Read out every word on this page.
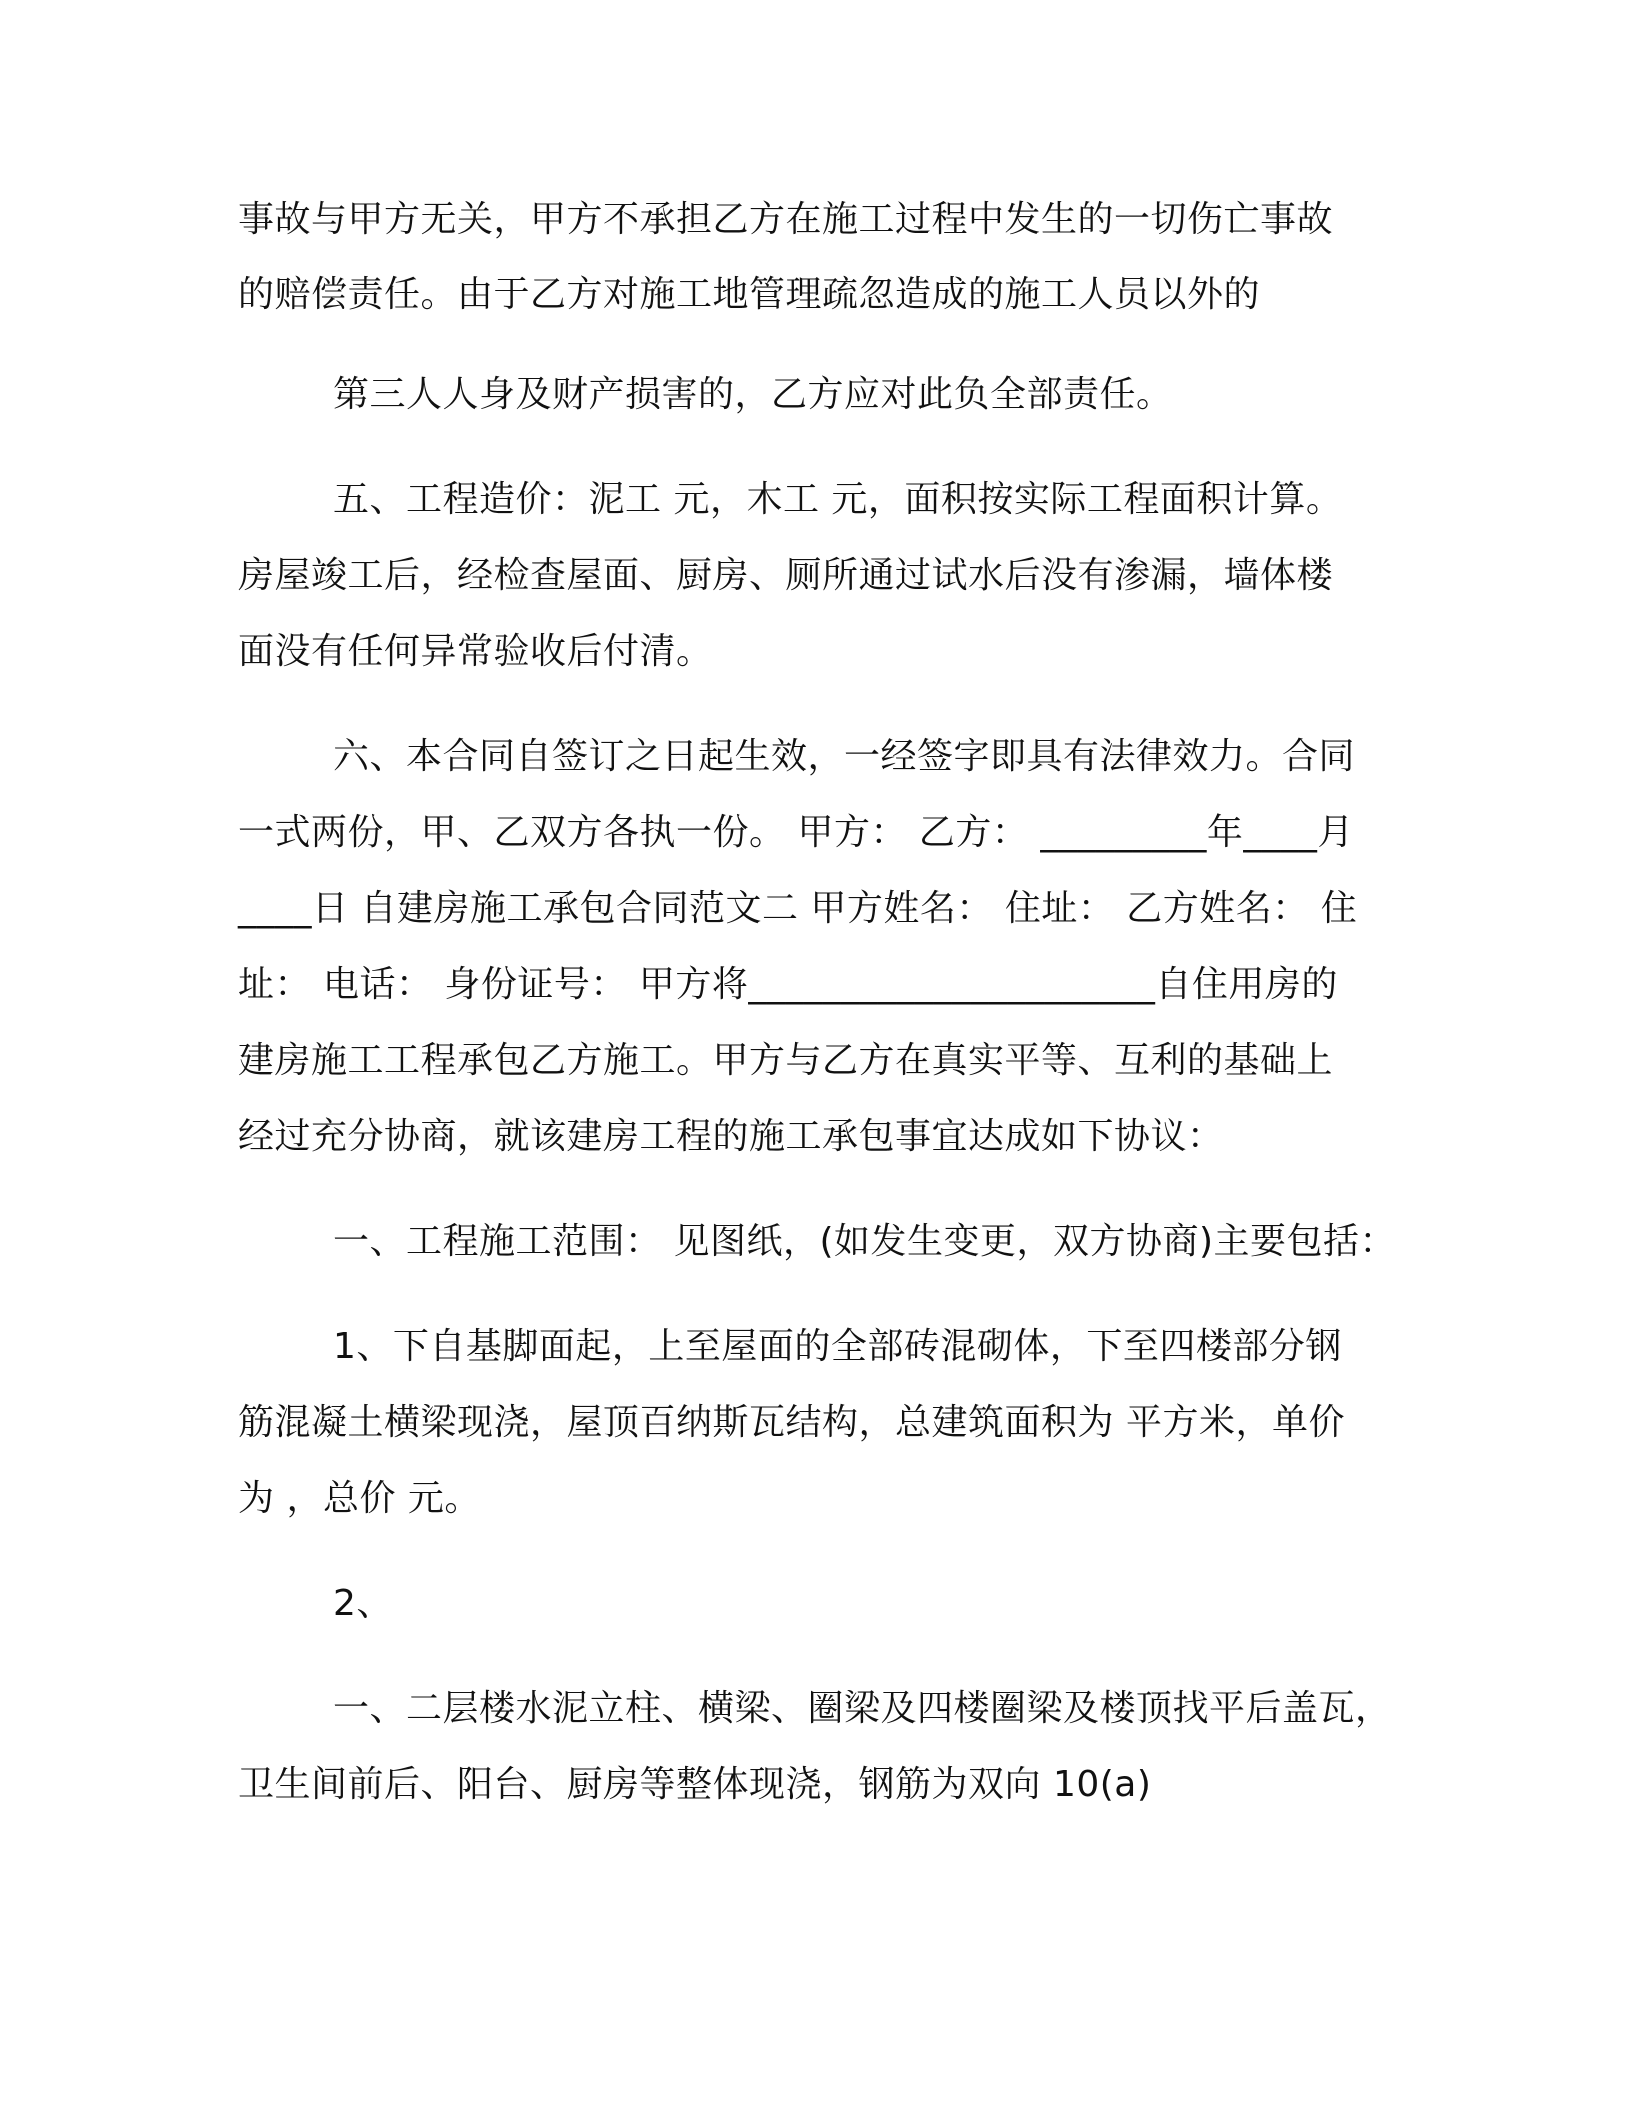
事故与甲方无关，甲方不承担乙方在施工过程中发生的一切伤亡事故
的赔偿责任。由于乙方对施工地管理疏忽造成的施工人员以外的
第三人人身及财产损害的，乙方应对此负全部责任。
五、工程造价：泥工 元，木工 元，面积按实际工程面积计算。
房屋竣工后，经检查屋面、厨房、厕所通过试水后没有渗漏，墙体楼
面没有任何异常验收后付清。
六、本合同自签订之日起生效，一经签字即具有法律效力。合同
一式两份，甲、乙双方各执一份。 甲方： 乙方： _________年____月
____日 自建房施工承包合同范文二 甲方姓名： 住址： 乙方姓名： 住
址： 电话： 身份证号： 甲方将______________________自住用房的
建房施工工程承包乙方施工。甲方与乙方在真实平等、互利的基础上
经过充分协商，就该建房工程的施工承包事宜达成如下协议：
一、工程施工范围： 见图纸，(如发生变更，双方协商)主要包括：
1、下自基脚面起，上至屋面的全部砖混砌体，下至四楼部分钢
筋混凝土横梁现浇，屋顶百纳斯瓦结构，总建筑面积为 平方米，单价
为 ，总价 元。
2、
一、二层楼水泥立柱、横梁、圈梁及四楼圈梁及楼顶找平后盖瓦，
卫生间前后、阳台、厨房等整体现浇，钢筋为双向 10(a)
